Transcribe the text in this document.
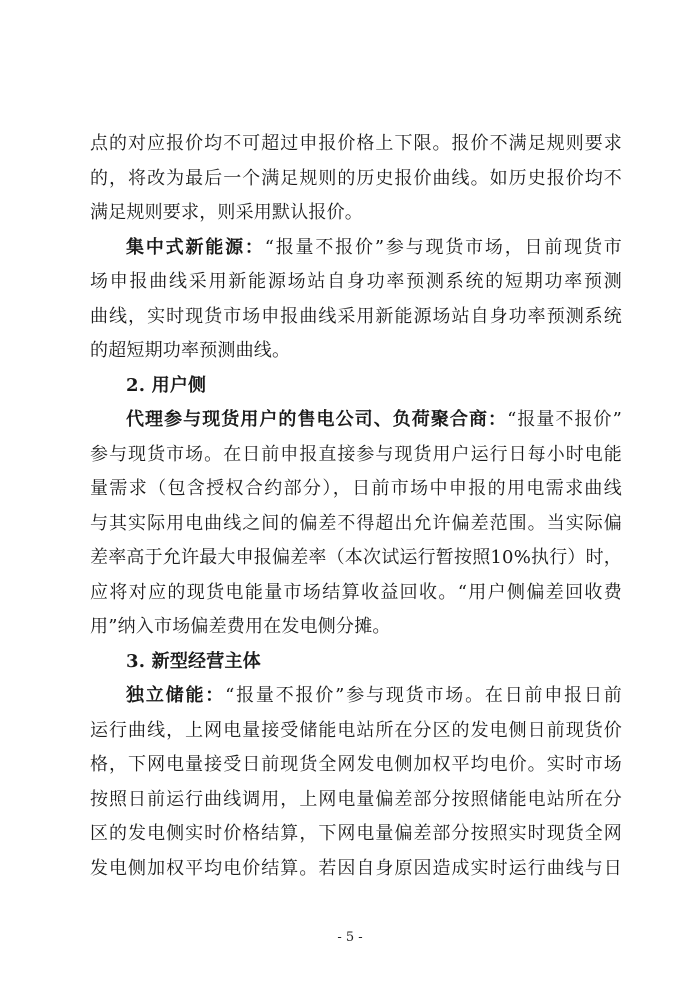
点的对应报价均不可超过申报价格上下限。报价不满足规则要求
的，将改为最后一个满足规则的历史报价曲线。如历史报价均不
满足规则要求，则采用默认报价。
集中式新能源：“报量不报价”参与现货市场，日前现货市
场申报曲线采用新能源场站自身功率预测系统的短期功率预测
曲线，实时现货市场申报曲线采用新能源场站自身功率预测系统
的超短期功率预测曲线。
2. 用户侧
代理参与现货用户的售电公司、负荷聚合商：“报量不报价”
参与现货市场。在日前申报直接参与现货用户运行日每小时电能
量需求（包含授权合约部分），日前市场中申报的用电需求曲线
与其实际用电曲线之间的偏差不得超出允许偏差范围。当实际偏
差率高于允许最大申报偏差率（本次试运行暂按照10%执行）时，
应将对应的现货电能量市场结算收益回收。“用户侧偏差回收费
用”纳入市场偏差费用在发电侧分摊。
3. 新型经营主体
独立储能：“报量不报价”参与现货市场。在日前申报日前
运行曲线，上网电量接受储能电站所在分区的发电侧日前现货价
格，下网电量接受日前现货全网发电侧加权平均电价。实时市场
按照日前运行曲线调用，上网电量偏差部分按照储能电站所在分
区的发电侧实时价格结算，下网电量偏差部分按照实时现货全网
发电侧加权平均电价结算。若因自身原因造成实时运行曲线与日
- 5 -
